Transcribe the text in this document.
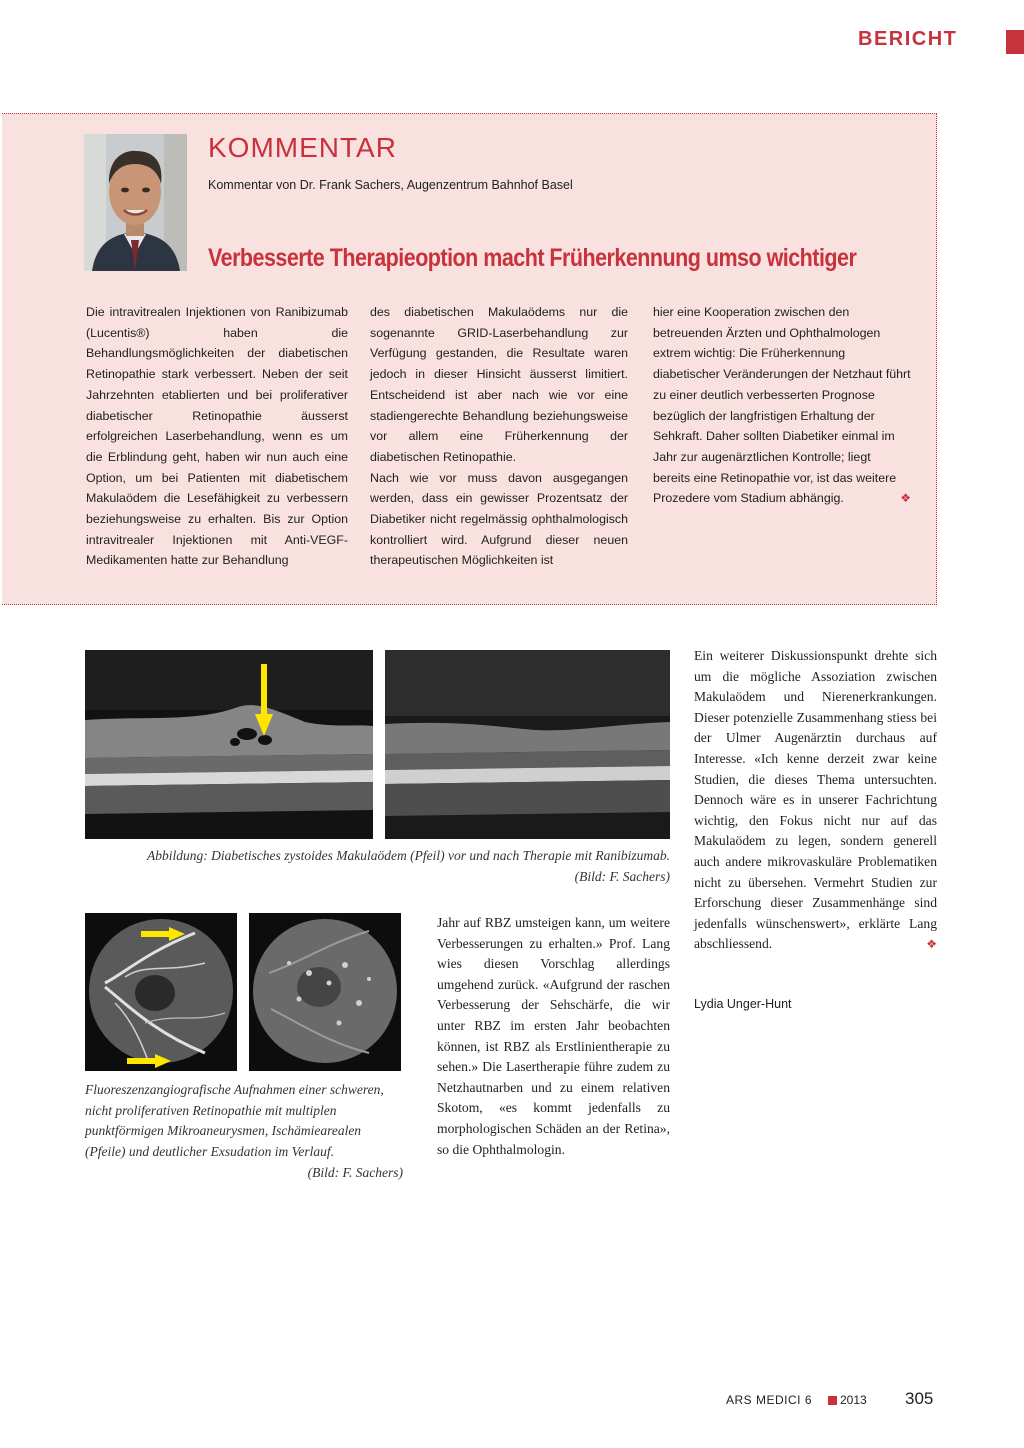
BERICHT
KOMMENTAR
Kommentar von Dr. Frank Sachers, Augenzentrum Bahnhof Basel
Verbesserte Therapieoption macht Früherkennung umso wichtiger

Die intravitrealen Injektionen von Ranibizumab (Lucentis®) haben die Behandlungsmöglichkeiten der diabetischen Retinopathie stark verbessert. Neben der seit Jahrzehnten etablierten und bei proliferativer diabetischer Retinopathie äusserst erfolgreichen Laserbehandlung, wenn es um die Erblindung geht, haben wir nun auch eine Option, um bei Patienten mit diabetischem Makulaödem die Lesefähigkeit zu verbessern beziehungsweise zu erhalten. Bis zur Option intravitrealer Injektionen mit Anti-VEGF-Medikamenten hatte zur Behandlung

des diabetischen Makulaödems nur die sogenannte GRID-Laserbehandlung zur Verfügung gestanden, die Resultate waren jedoch in dieser Hinsicht äusserst limitiert. Entscheidend ist aber nach wie vor eine stadiengerechte Behandlung beziehungsweise vor allem eine Früherkennung der diabetischen Retinopathie.

Nach wie vor muss davon ausgegangen werden, dass ein gewisser Prozentsatz der Diabetiker nicht regelmässig ophthalmologisch kontrolliert wird. Aufgrund dieser neuen therapeutischen Möglichkeiten ist

hier eine Kooperation zwischen den betreuenden Ärzten und Ophthalmologen extrem wichtig: Die Früherkennung diabetischer Veränderungen der Netzhaut führt zu einer deutlich verbesserten Prognose bezüglich der langfristigen Erhaltung der Sehkraft. Daher sollten Diabetiker einmal im Jahr zur augenärztlichen Kontrolle; liegt bereits eine Retinopathie vor, ist das weitere Prozedere vom Stadium abhängig.	❖

Abbildung: Diabetisches zystoides Makulaödem (Pfeil) vor und nach Therapie mit Ranibizumab.
(Bild: F. Sachers)
Fluoreszenzangiografische Aufnahmen einer schweren, nicht proliferativen Retinopathie mit multiplen punktförmigen Mikroaneurysmen, Ischämiearealen (Pfeile) und deutlicher Exsudation im Verlauf.
(Bild: F. Sachers)

Jahr auf RBZ umsteigen kann, um weitere Verbesserungen zu erhalten.» Prof. Lang wies diesen Vorschlag allerdings umgehend zurück. «Aufgrund der raschen Verbesserung der Sehschärfe, die wir unter RBZ im ersten Jahr beobachten können, ist RBZ als Erstlinientherapie zu sehen.» Die Lasertherapie führe zudem zu Netzhautnarben und zu einem relativen Skotom, «es kommt jedenfalls zu morphologischen Schäden an der Retina», so die Ophthalmologin.

Ein weiterer Diskussionspunkt drehte sich um die mögliche Assoziation zwischen Makulaödem und Nierenerkrankungen. Dieser potenzielle Zusammenhang stiess bei der Ulmer Augenärztin durchaus auf Interesse. «Ich kenne derzeit zwar keine Studien, die dieses Thema untersuchten. Dennoch wäre es in unserer Fachrichtung wichtig, den Fokus nicht nur auf das Makulaödem zu legen, sondern generell auch andere mikrovaskuläre Problematiken nicht zu übersehen. Vermehrt Studien zur Erforschung dieser Zusammenhänge sind jedenfalls wünschenswert», erklärte Lang abschliessend.	❖

Lydia Unger-Hunt
ARS MEDICI 6 2013 305
